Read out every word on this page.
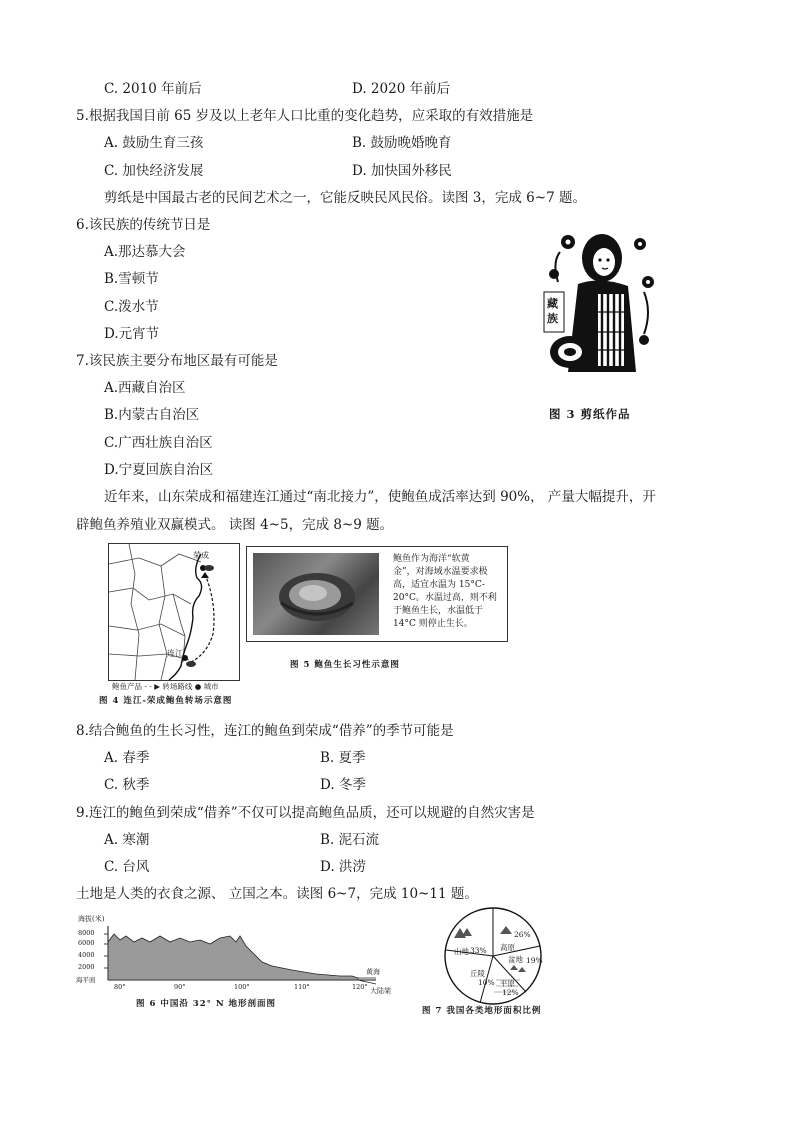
C. 2010 年前后	D. 2020 年前后
5.根据我国目前 65 岁及以上老年人口比重的变化趋势，应采取的有效措施是
A. 鼓励生育三孩	B. 鼓励晚婚晚育
C. 加快经济发展	D. 加快国外移民
剪纸是中国最古老的民间艺术之一，它能反映民风民俗。读图 3，完成 6~7 题。
6.该民族的传统节日是
A.那达慕大会
B.雪顿节
C.泼水节
D.元宵节
7.该民族主要分布地区最有可能是
A.西藏自治区
B.内蒙古自治区
C.广西壮族自治区
D.宁夏回族自治区
藏族
图 3 剪纸作品
近年来，山东荣成和福建连江通过“南北接力”，使鲍鱼成活率达到 90%， 产量大幅提升，开
辟鲍鱼养殖业双赢模式。 读图 4~5，完成 8~9 题。
荣成
连江
鲍鱼产品 - - ▶ 转场路线 ● 城市
图 4 连江-荣成鲍鱼转场示意图
鲍鱼作为海洋“软黄
金”，对海域水温要求极
高，适宜水温为 15°C-
20°C。水温过高，则不利
于鲍鱼生长，水温低于
14°C 则停止生长。
图 5 鲍鱼生长习性示意图
8.结合鲍鱼的生长习性，连江的鲍鱼到荣成“借养”的季节可能是
A. 春季	B. 夏季
C. 秋季	D. 冬季
9.连江的鲍鱼到荣成“借养”不仅可以提高鲍鱼品质，还可以规避的自然灾害是
A. 寒潮	B. 泥石流
C. 台风	D. 洪涝
土地是人类的衣食之源、 立国之本。读图 6~7，完成 10~11 题。
海拔(米)
8000
6000
4000
2000
海平面
80°	90°	100°	110°	120°
黄海
大陆架
图 6 中国沿 32° N 地形剖面图
26%
高原
山地 33%
盆地 19%
丘陵
10% 平原
12%
图 7 我国各类地形面积比例
